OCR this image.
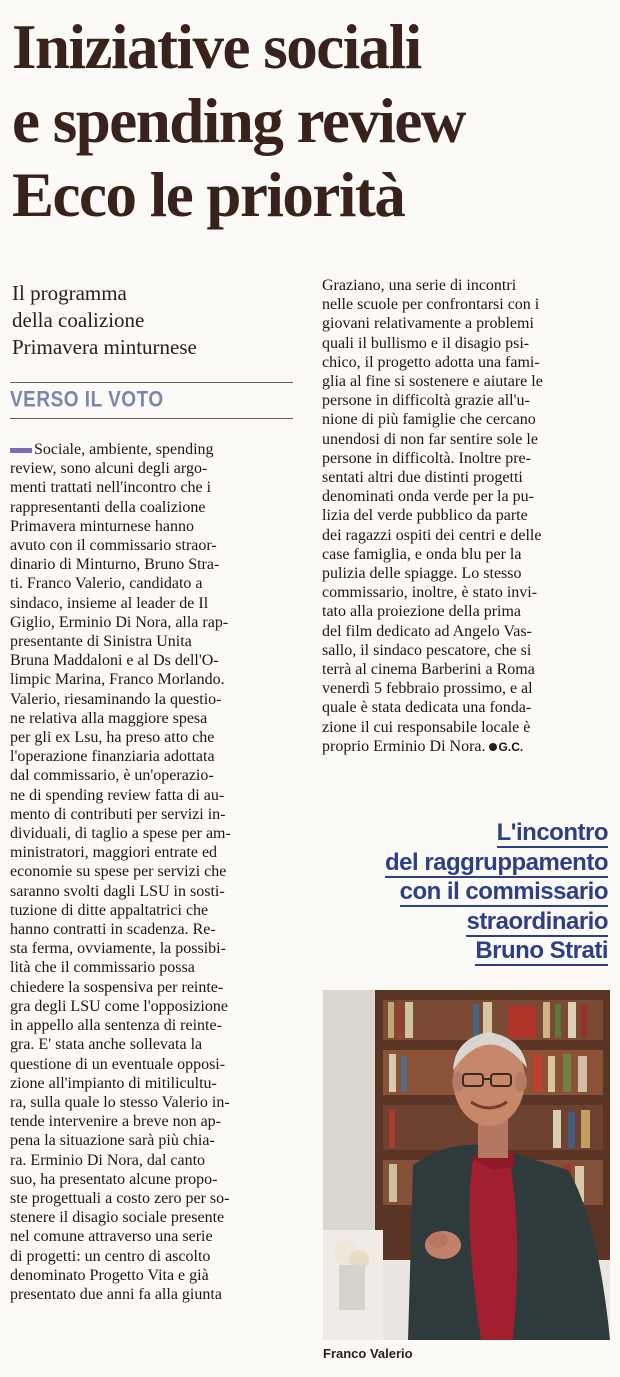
Iniziative sociali
e spending review
Ecco le priorità
Il programma
della coalizione
Primavera minturnese
VERSO IL VOTO
Sociale, ambiente, spending
review, sono alcuni degli argo-
menti trattati nell'incontro che i
rappresentanti della coalizione
Primavera minturnese hanno
avuto con il commissario straor-
dinario di Minturno, Bruno Stra-
ti. Franco Valerio, candidato a
sindaco, insieme al leader de Il
Giglio, Erminio Di Nora, alla rap-
presentante di Sinistra Unita
Bruna Maddaloni e al Ds dell'O-
limpic Marina, Franco Morlando.
Valerio, riesaminando la questio-
ne relativa alla maggiore spesa
per gli ex Lsu, ha preso atto che
l'operazione finanziaria adottata
dal commissario, è un'operazio-
ne di spending review fatta di au-
mento di contributi per servizi in-
dividuali, di taglio a spese per am-
ministratori, maggiori entrate ed
economie su spese per servizi che
saranno svolti dagli LSU in sosti-
tuzione di ditte appaltatrici che
hanno contratti in scadenza. Re-
sta ferma, ovviamente, la possibi-
lità che il commissario possa
chiedere la sospensiva per reintе-
gra degli LSU come l'opposizione
in appello alla sentenza di reinte-
gra. E' stata anche sollevata la
questione di un eventuale opposi-
zione all'impianto di mitilicultu-
ra, sulla quale lo stesso Valerio in-
tende intervenire a breve non ap-
pena la situazione sarà più chia-
ra. Erminio Di Nora, dal canto
suo, ha presentato alcune propo-
ste progettuali a costo zero per so-
stenere il disagio sociale presente
nel comune attraverso una serie
di progetti: un centro di ascolto
denominato Progetto Vita e già
presentato due anni fa alla giunta
Graziano, una serie di incontri
nelle scuole per confrontarsi con i
giovani relativamente a problemi
quali il bullismo e il disagio psi-
chico, il progetto adotta una fami-
glia al fine si sostenere e aiutare le
persone in difficoltà grazie all'u-
nione di più famiglie che cercano
unendosi di non far sentire sole le
persone in difficoltà. Inoltre pre-
sentati altri due distinti progetti
denominati onda verde per la pu-
lizia del verde pubblico da parte
dei ragazzi ospiti dei centri e delle
case famiglia, e onda blu per la
pulizia delle spiagge. Lo stesso
commissario, inoltre, è stato invi-
tato alla proiezione della prima
del film dedicato ad Angelo Vas-
sallo, il sindaco pescatore, che si
terrà al cinema Barberini a Roma
venerdì 5 febbraio prossimo, e al
quale è stata dedicata una fonda-
zione il cui responsabile locale è
proprio Erminio Di Nora. G.C.
L'incontro
del raggruppamento
con il commissario
straordinario
Bruno Strati
Franco Valerio
